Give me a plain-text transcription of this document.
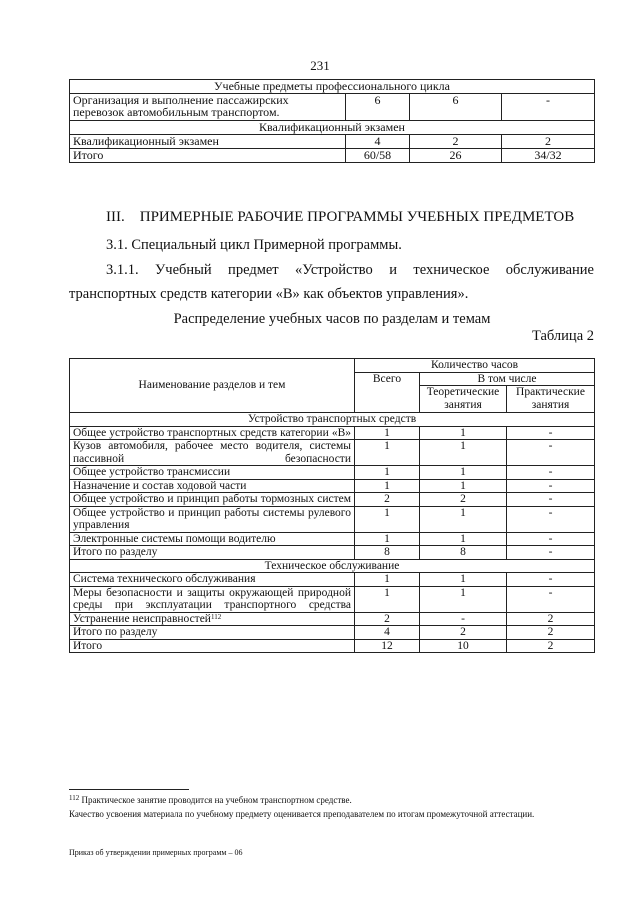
231
Учебные предметы профессионального цикла			
Организация и выполнение пассажирских перевозок автомобильным транспортом.	6	6	-
Квалификационный экзамен			
Квалификационный экзамен	4	2	2
Итого	60/58	26	34/32
III.    ПРИМЕРНЫЕ РАБОЧИЕ ПРОГРАММЫ УЧЕБНЫХ ПРЕДМЕТОВ
3.1. Специальный цикл Примерной программы.
3.1.1.   Учебный   предмет   «Устройство   и   техническое   обслуживание
транспортных средств категории «В» как объектов управления».
Распределение учебных часов по разделам и темам
Таблица 2
Наименование разделов и тем	Количество часов		
	Всего	В том числе	
		Теоретические занятия	Практические занятия
Устройство транспортных средств			
Общее устройство транспортных средств категории «В»	1	1	-
Кузов автомобиля, рабочее место водителя, системы пассивной безопасности	1	1	-
Общее устройство трансмиссии	1	1	-
Назначение и состав ходовой части	1	1	-
Общее устройство и принцип работы тормозных систем	2	2	-
Общее устройство и принцип работы системы рулевого управления	1	1	-
Электронные системы помощи водителю	1	1	-
Итого по разделу	8	8	-
Техническое обслуживание			
Система технического обслуживания	1	1	-
Меры безопасности и защиты окружающей природной среды при эксплуатации транспортного средства	1	1	-
Устранение неисправностей$^{112}$	2	-	2
Итого по разделу	4	2	2
Итого	12	10	2
$^{112}$ Практическое занятие проводится на учебном транспортном средстве.
Качество усвоения материала по учебному предмету оценивается преподавателем по итогам промежуточной аттестации.
Приказ об утверждении примерных программ – 06
